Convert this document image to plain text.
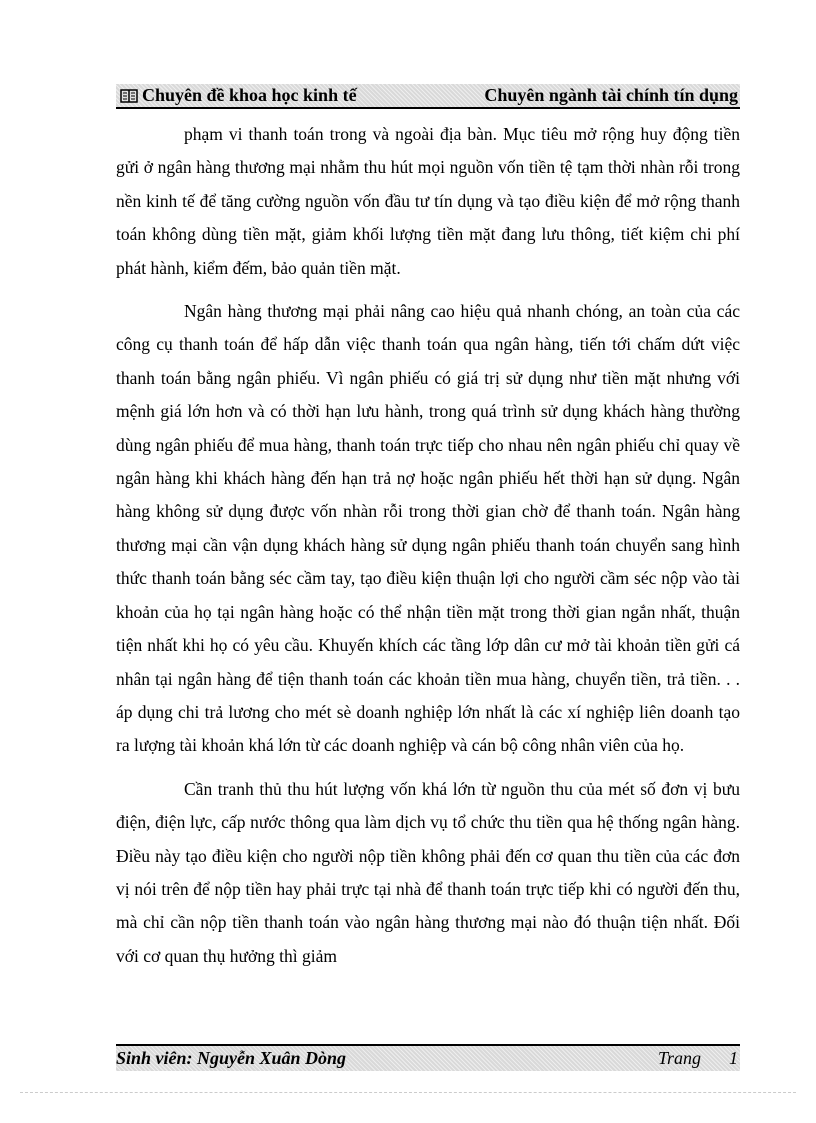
Chuyên đề khoa học kinh tế	Chuyên ngành tài chính tín dụng

phạm vi thanh toán trong và ngoài địa bàn. Mục tiêu mở rộng huy động tiền gửi ở ngân hàng thương mại nhằm thu hút mọi nguồn vốn tiền tệ tạm thời nhàn rỗi trong nền kinh tế để tăng cường nguồn vốn đầu tư tín dụng và tạo điều kiện để mở rộng thanh toán không dùng tiền mặt, giảm khối lượng tiền mặt đang lưu thông, tiết kiệm chi phí phát hành, kiểm đếm, bảo quản tiền mặt.

Ngân hàng thương mại phải nâng cao hiệu quả nhanh chóng, an toàn của các công cụ thanh toán để hấp dẫn việc thanh toán qua ngân hàng, tiến tới chấm dứt việc thanh toán bằng ngân phiếu. Vì ngân phiếu có giá trị sử dụng như tiền mặt nhưng với mệnh giá lớn hơn và có thời hạn lưu hành, trong quá trình sử dụng khách hàng thường dùng ngân phiếu để mua hàng, thanh toán trực tiếp cho nhau nên ngân phiếu chỉ quay về ngân hàng khi khách hàng đến hạn trả nợ hoặc ngân phiếu hết thời hạn sử dụng. Ngân hàng không sử dụng được vốn nhàn rỗi trong thời gian chờ để thanh toán. Ngân hàng thương mại cần vận dụng khách hàng sử dụng ngân phiếu thanh toán chuyển sang hình thức thanh toán bằng séc cầm tay, tạo điều kiện thuận lợi cho người cầm séc nộp vào tài khoản của họ tại ngân hàng hoặc có thể nhận tiền mặt trong thời gian ngắn nhất, thuận tiện nhất khi họ có yêu cầu. Khuyến khích các tầng lớp dân cư mở tài khoản tiền gửi cá nhân tại ngân hàng để tiện thanh toán các khoản tiền mua hàng, chuyển tiền, trả tiền. . . áp dụng chi trả lương cho mét sè doanh nghiệp lớn nhất là các xí nghiệp liên doanh tạo ra lượng tài khoản khá lớn từ các doanh nghiệp và cán bộ công nhân viên của họ.

Cần tranh thủ thu hút lượng vốn khá lớn từ nguồn thu của mét số đơn vị bưu điện, điện lực, cấp nước thông qua làm dịch vụ tổ chức thu tiền qua hệ thống ngân hàng. Điều này tạo điều kiện cho người nộp tiền không phải đến cơ quan thu tiền của các đơn vị nói trên để nộp tiền hay phải trực tại nhà để thanh toán trực tiếp khi có người đến thu, mà chỉ cần nộp tiền thanh toán vào ngân hàng thương mại nào đó thuận tiện nhất. Đối với cơ quan thụ hưởng thì giảm

Sinh viên: Nguyễn Xuân Dòng	Trang 1
